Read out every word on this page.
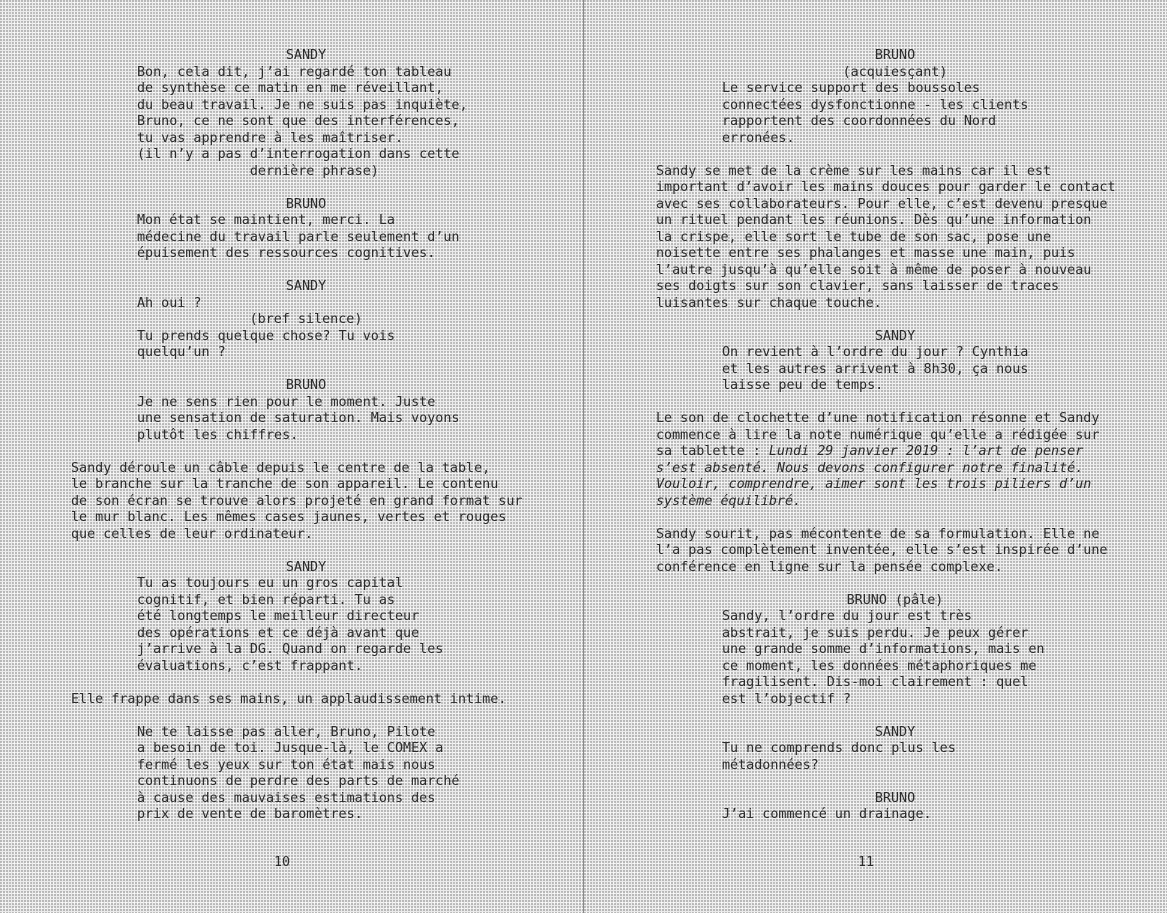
SANDY
Bon, cela dit, j’ai regardé ton tableau
de synthèse ce matin en me réveillant,
du beau travail. Je ne suis pas inquiète,
Bruno, ce ne sont que des interférences,
tu vas apprendre à les maîtriser.
(il n’y a pas d’interrogation dans cette
dernière phrase)
BRUNO
Mon état se maintient, merci. La
médecine du travail parle seulement d’un
épuisement des ressources cognitives.
SANDY
Ah oui ?
(bref silence)
Tu prends quelque chose? Tu vois
quelqu’un ?
BRUNO
Je ne sens rien pour le moment. Juste
une sensation de saturation. Mais voyons
plutôt les chiffres.
Sandy déroule un câble depuis le centre de la table,
le branche sur la tranche de son appareil. Le contenu
de son écran se trouve alors projeté en grand format sur
le mur blanc. Les mêmes cases jaunes, vertes et rouges
que celles de leur ordinateur.
SANDY
Tu as toujours eu un gros capital
cognitif, et bien réparti. Tu as
été longtemps le meilleur directeur
des opérations et ce déjà avant que
j’arrive à la DG. Quand on regarde les
évaluations, c’est frappant.
Elle frappe dans ses mains, un applaudissement intime.
Ne te laisse pas aller, Bruno, Pilote
a besoin de toi. Jusque-là, le COMEX a
fermé les yeux sur ton état mais nous
continuons de perdre des parts de marché
à cause des mauvaises estimations des
prix de vente de baromètres.
10
BRUNO
(acquiesçant)
Le service support des boussoles
connectées dysfonctionne - les clients
rapportent des coordonnées du Nord
erronées.
Sandy se met de la crème sur les mains car il est
important d’avoir les mains douces pour garder le contact
avec ses collaborateurs. Pour elle, c’est devenu presque
un rituel pendant les réunions. Dès qu’une information
la crispe, elle sort le tube de son sac, pose une
noisette entre ses phalanges et masse une main, puis
l’autre jusqu’à qu’elle soit à même de poser à nouveau
ses doigts sur son clavier, sans laisser de traces
luisantes sur chaque touche.
SANDY
On revient à l’ordre du jour ? Cynthia
et les autres arrivent à 8h30, ça nous
laisse peu de temps.
Le son de clochette d’une notification résonne et Sandy
commence à lire la note numérique qu’elle a rédigée sur
sa tablette : Lundi 29 janvier 2019 : l’art de penser
s’est absenté. Nous devons configurer notre finalité.
Vouloir, comprendre, aimer sont les trois piliers d’un
système équilibré.
Sandy sourit, pas mécontente de sa formulation. Elle ne
l’a pas complètement inventée, elle s’est inspirée d’une
conférence en ligne sur la pensée complexe.
BRUNO (pâle)
Sandy, l’ordre du jour est très
abstrait, je suis perdu. Je peux gérer
une grande somme d’informations, mais en
ce moment, les données métaphoriques me
fragilisent. Dis-moi clairement : quel
est l’objectif ?
SANDY
Tu ne comprends donc plus les
métadonnées?
BRUNO
J’ai commencé un drainage.
11
